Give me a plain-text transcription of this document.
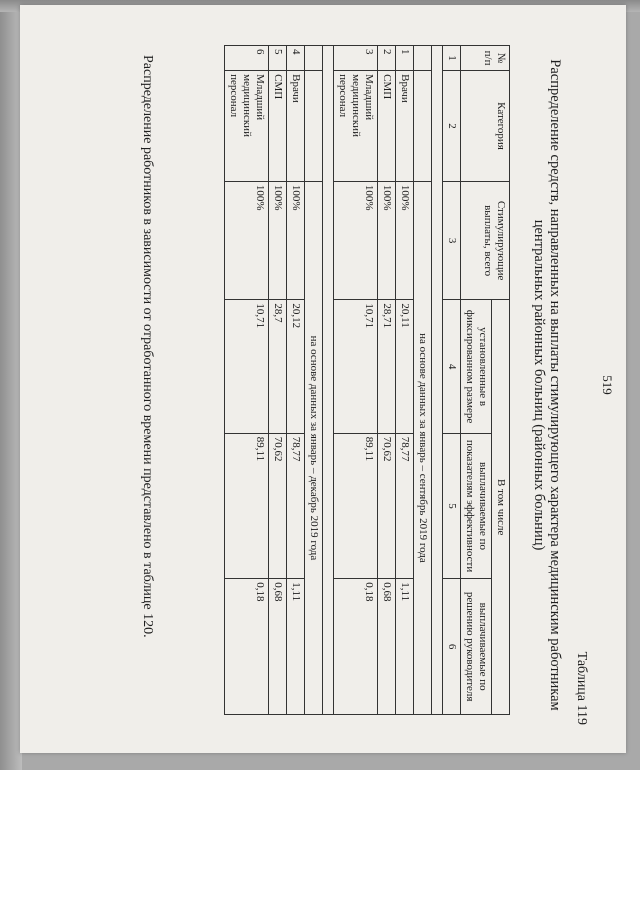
519
Таблица 119
Распределение средств, направленных на выплаты стимулирующего характера медицинским работникам
центральных районных больниц (районных больниц)
№ п/п	Категория	Стимулирующие выплаты, всего	В том числе		
			установленные в фиксированном размере	выплачиваемые по показателям эффективности	выплачиваемые по решению руководителя
1	2	3	4	5	6

		на основе данных за январь – сентябрь 2019 года			
1	Врачи	100%	20,11	78,77	1,11
2	СМП	100%	28,71	70,62	0,68
3	Младший медицинский персонал	100%	10,71	89,11	0,18

		на основе данных за январь – декабрь 2019 года			
4	Врачи	100%	20,12	78,77	1,11
5	СМП	100%	28,7	70,62	0,68
6	Младший медицинский персонал	100%	10,71	89,11	0,18
Распределение работников в зависимости от отработанного времени представлено в таблице 120.
